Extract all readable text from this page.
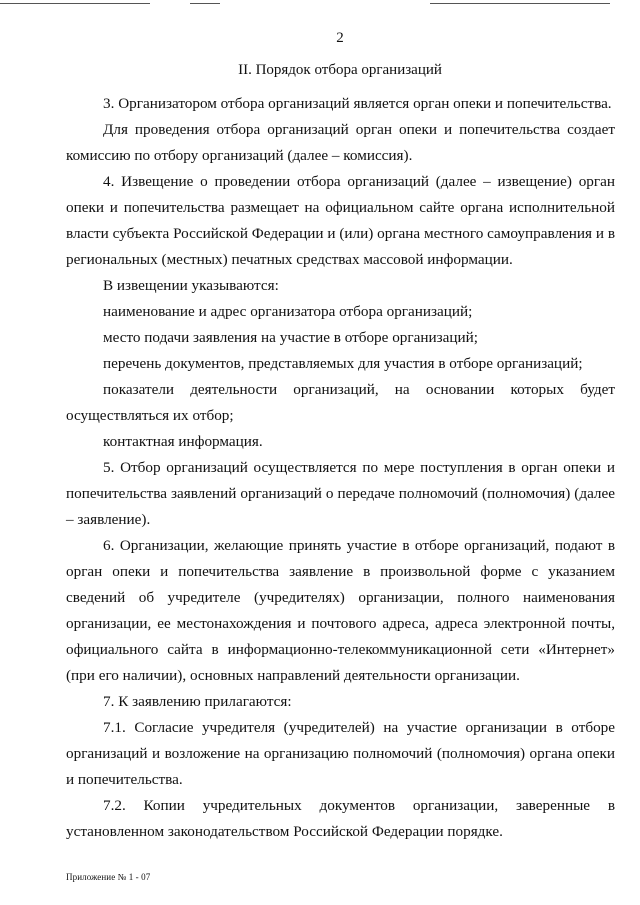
2
II. Порядок отбора организаций

3. Организатором отбора организаций является орган опеки и попечительства.

Для проведения отбора организаций орган опеки и попечительства создает комиссию по отбору организаций (далее – комиссия).

4. Извещение о проведении отбора организаций (далее – извещение) орган опеки и попечительства размещает на официальном сайте органа исполнительной власти субъекта Российской Федерации и (или) органа местного самоуправления и в региональных (местных) печатных средствах массовой информации.

В извещении указываются:

наименование и адрес организатора отбора организаций;

место подачи заявления на участие в отборе организаций;

перечень документов, представляемых для участия в отборе организаций;

показатели деятельности организаций, на основании которых будет осуществляться их отбор;

контактная информация.

5. Отбор организаций осуществляется по мере поступления в орган опеки и попечительства заявлений организаций о передаче полномочий (полномочия) (далее – заявление).

6. Организации, желающие принять участие в отборе организаций, подают в орган опеки и попечительства заявление в произвольной форме с указанием сведений об учредителе (учредителях) организации, полного наименования организации, ее местонахождения и почтового адреса, адреса электронной почты, официального сайта в информационно-телекоммуникационной сети «Интернет» (при его наличии), основных направлений деятельности организации.

7. К заявлению прилагаются:

7.1. Согласие учредителя (учредителей) на участие организации в отборе организаций и возложение на организацию полномочий (полномочия) органа опеки и попечительства.

7.2. Копии учредительных документов организации, заверенные в установленном законодательством Российской Федерации порядке.

Приложение № 1 - 07
